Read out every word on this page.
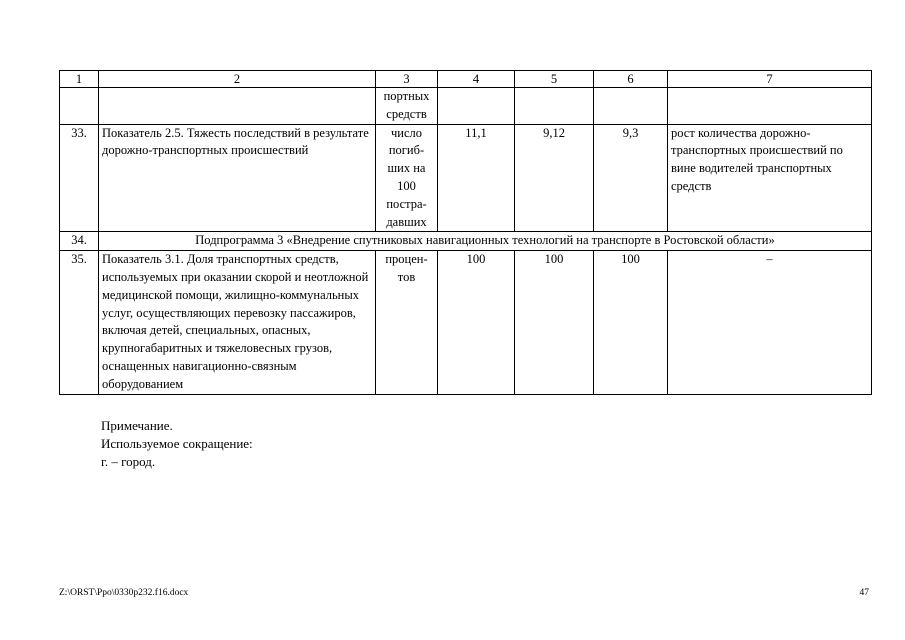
1	2	3	4	5	6	7
		портных средств				
33.	Показатель 2.5. Тяжесть последствий в результате дорожно-транспортных происшествий	число погиб-ших на 100 постра-давших	11,1	9,12	9,3	рост количества дорожно-транспортных происшествий по вине водителей транспортных средств
34.	Подпрограмма 3 «Внедрение спутниковых навигационных технологий на транспорте в Ростовской области»					
35.	Показатель 3.1. Доля транспортных средств, используемых при оказании скорой и неотложной медицинской помощи, жилищно-коммунальных услуг, осуществляющих перевозку пассажиров, включая детей, специальных, опасных, крупногабаритных и тяжеловесных грузов, оснащенных навигационно-связным оборудованием	процен-тов	100	100	100	–
Примечание.
Используемое сокращение:
г. – город.
Z:\ORST\Ppo\0330p232.f16.docx	47
